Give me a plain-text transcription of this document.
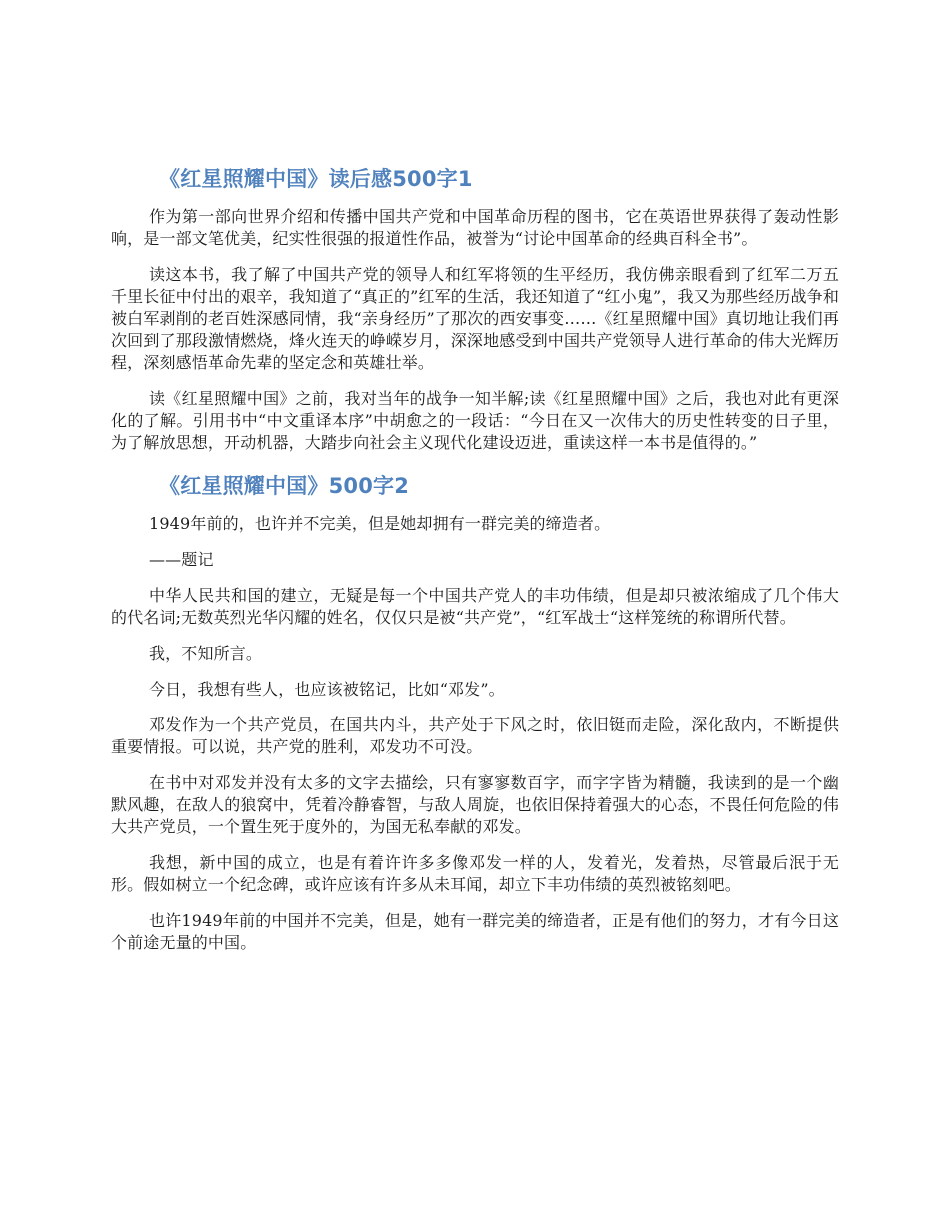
《红星照耀中国》读后感500字1

作为第一部向世界介绍和传播中国共产党和中国革命历程的图书，它在英语世界获得了轰动性影响，是一部文笔优美，纪实性很强的报道性作品，被誉为“讨论中国革命的经典百科全书”。

读这本书，我了解了中国共产党的领导人和红军将领的生平经历，我仿佛亲眼看到了红军二万五千里长征中付出的艰辛，我知道了“真正的”红军的生活，我还知道了“红小鬼”，我又为那些经历战争和被白军剥削的老百姓深感同情，我“亲身经历”了那次的西安事变……《红星照耀中国》真切地让我们再次回到了那段激情燃烧，烽火连天的峥嵘岁月，深深地感受到中国共产党领导人进行革命的伟大光辉历程，深刻感悟革命先辈的坚定念和英雄壮举。

读《红星照耀中国》之前，我对当年的战争一知半解;读《红星照耀中国》之后，我也对此有更深化的了解。引用书中“中文重译本序”中胡愈之的一段话：“今日在又一次伟大的历史性转变的日子里，为了解放思想，开动机器，大踏步向社会主义现代化建设迈进，重读这样一本书是值得的。”

《红星照耀中国》500字2

1949年前的，也许并不完美，但是她却拥有一群完美的缔造者。

——题记

中华人民共和国的建立，无疑是每一个中国共产党人的丰功伟绩，但是却只被浓缩成了几个伟大的代名词;无数英烈光华闪耀的姓名，仅仅只是被“共产党”，“红军战士“这样笼统的称谓所代替。

我，不知所言。

今日，我想有些人，也应该被铭记，比如“邓发”。

邓发作为一个共产党员，在国共内斗，共产处于下风之时，依旧铤而走险，深化敌内，不断提供重要情报。可以说，共产党的胜利，邓发功不可没。

在书中对邓发并没有太多的文字去描绘，只有寥寥数百字，而字字皆为精髓，我读到的是一个幽默风趣，在敌人的狼窝中，凭着冷静睿智，与敌人周旋，也依旧保持着强大的心态，不畏任何危险的伟大共产党员，一个置生死于度外的，为国无私奉献的邓发。

我想，新中国的成立，也是有着许许多多像邓发一样的人，发着光，发着热，尽管最后泯于无形。假如树立一个纪念碑，或许应该有许多从未耳闻，却立下丰功伟绩的英烈被铭刻吧。

也许1949年前的中国并不完美，但是，她有一群完美的缔造者，正是有他们的努力，才有今日这个前途无量的中国。
